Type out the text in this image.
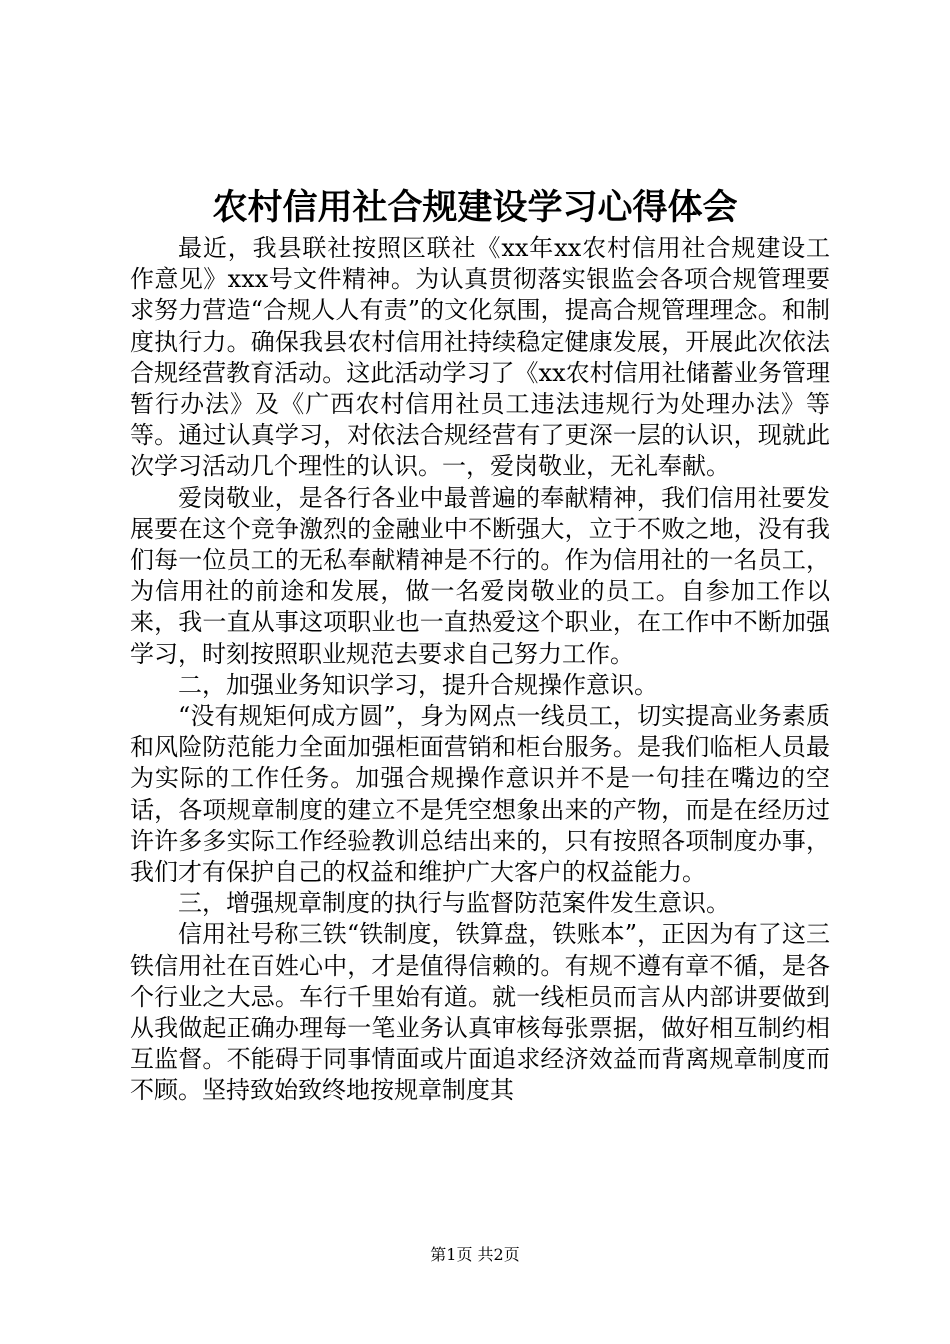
农村信用社合规建设学习心得体会

最近，我县联社按照区联社《xx年xx农村信用社合规建设工作意见》xxx号文件精神。为认真贯彻落实银监会各项合规管理要求努力营造“合规人人有责”的文化氛围，提高合规管理理念。和制度执行力。确保我县农村信用社持续稳定健康发展，开展此次依法合规经营教育活动。这此活动学习了《xx农村信用社储蓄业务管理暂行办法》及《广西农村信用社员工违法违规行为处理办法》等等。通过认真学习，对依法合规经营有了更深一层的认识，现就此次学习活动几个理性的认识。一，爱岗敬业，无礼奉献。

爱岗敬业，是各行各业中最普遍的奉献精神，我们信用社要发展要在这个竞争激烈的金融业中不断强大，立于不败之地，没有我们每一位员工的无私奉献精神是不行的。作为信用社的一名员工，为信用社的前途和发展，做一名爱岗敬业的员工。自参加工作以来，我一直从事这项职业也一直热爱这个职业，在工作中不断加强学习，时刻按照职业规范去要求自己努力工作。

二，加强业务知识学习，提升合规操作意识。

“没有规矩何成方圆”，身为网点一线员工，切实提高业务素质和风险防范能力全面加强柜面营销和柜台服务。是我们临柜人员最为实际的工作任务。加强合规操作意识并不是一句挂在嘴边的空话，各项规章制度的建立不是凭空想象出来的产物，而是在经历过许许多多实际工作经验教训总结出来的，只有按照各项制度办事，我们才有保护自己的权益和维护广大客户的权益能力。

三，增强规章制度的执行与监督防范案件发生意识。

信用社号称三铁“铁制度，铁算盘，铁账本”，正因为有了这三铁信用社在百姓心中，才是值得信赖的。有规不遵有章不循，是各个行业之大忌。车行千里始有道。就一线柜员而言从内部讲要做到从我做起正确办理每一笔业务认真审核每张票据，做好相互制约相互监督。不能碍于同事情面或片面追求经济效益而背离规章制度而不顾。坚持致始致终地按规章制度其

第1页 共2页
